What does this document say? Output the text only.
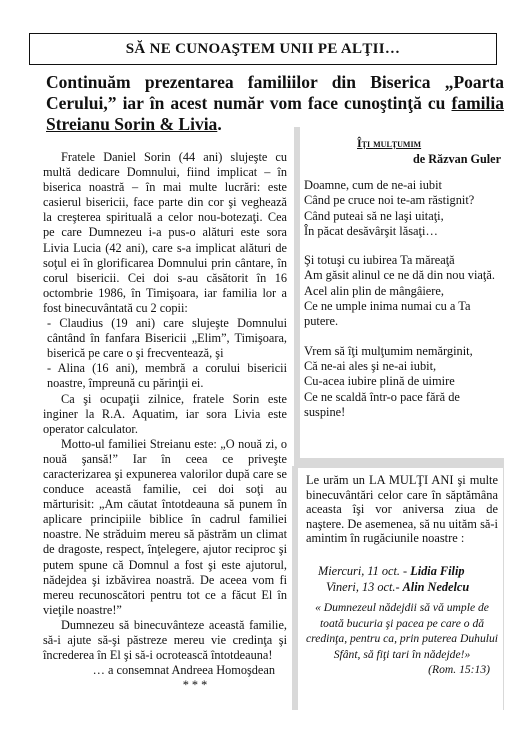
SĂ NE CUNOAŞTEM UNII PE ALŢII…
Continuăm prezentarea familiilor din Biserica „Poarta Cerului,” iar în acest număr vom face cunoştinţă cu familia Streianu Sorin & Livia.

Fratele Daniel Sorin (44 ani) slujeşte cu multă dedicare Domnului, fiind implicat – în biserica noastră – în mai multe lucrări: este casierul bisericii, face parte din cor şi veghează la creşterea spirituală a celor nou-botezaţi. Cea pe care Dumnezeu i-a pus-o alături este sora Livia Lucia (42 ani), care s-a implicat alături de soţul ei în glorificarea Domnului prin cântare, în corul bisericii. Cei doi s-au căsătorit în 16 octombrie 1986, în Timişoara, iar familia lor a fost binecuvântată cu 2 copii:

- Claudius (19 ani) care slujeşte Domnului cântând în fanfara Bisericii „Elim”, Timişoara, biserică pe care o şi frecventează, şi

- Alina (16 ani), membră a corului bisericii noastre, împreună cu părinţii ei.

Ca şi ocupaţii zilnice, fratele Sorin este inginer la R.A. Aquatim, iar sora Livia este operator calculator.

Motto-ul familiei Streianu este: „O nouă zi, o nouă şansă!” Iar în ceea ce priveşte caracterizarea şi expunerea valorilor după care se conduce această familie, cei doi soţi au mărturisit: „Am căutat întotdeauna să punem în aplicare principiile biblice în cadrul familiei noastre. Ne străduim mereu să păstrăm un climat de dragoste, respect, înţelegere, ajutor reciproc şi putem spune că Domnul a fost şi este ajutorul, nădejdea şi izbăvirea noastră. De aceea vom fi mereu recunoscători pentru tot ce a făcut El în vieţile noastre!”

Dumnezeu să binecuvânteze această familie, să-i ajute să-şi păstreze mereu vie credinţa şi încrederea în El şi să-i ocrotească întotdeauna!

… a consemnat Andreea Homoşdean

* * *

Îţi mulţumim
de Răzvan Guler
Doamne, cum de ne-ai iubit
Când pe cruce noi te-am răstignit?
Când puteai să ne laşi uitaţi,
În păcat desăvârşit lăsaţi…
Şi totuşi cu iubirea Ta măreaţă
Am găsit alinul ce ne dă din nou viaţă.
Acel alin plin de mângâiere,
Ce ne umple inima numai cu a Ta putere.
Vrem să îţi mulţumim nemărginit,
Că ne-ai ales şi ne-ai iubit,
Cu-acea iubire plină de uimire
Ce ne scaldă într-o pace fără de suspine!
Le urăm un LA MULŢI ANI şi multe binecuvântări celor care în săptămâna aceasta îşi vor aniversa ziua de naştere. De asemenea, să nu uităm să-i amintim în rugăciunile noastre :
Miercuri, 11 oct. - Lidia Filip
Vineri, 13 oct.- Alin Nedelcu
« Dumnezeul nădejdii să vă umple de toată bucuria şi pacea pe care o dă credinţa, pentru ca, prin puterea Duhului Sfânt, să fiţi tari în nădejde!»
(Rom. 15:13)
